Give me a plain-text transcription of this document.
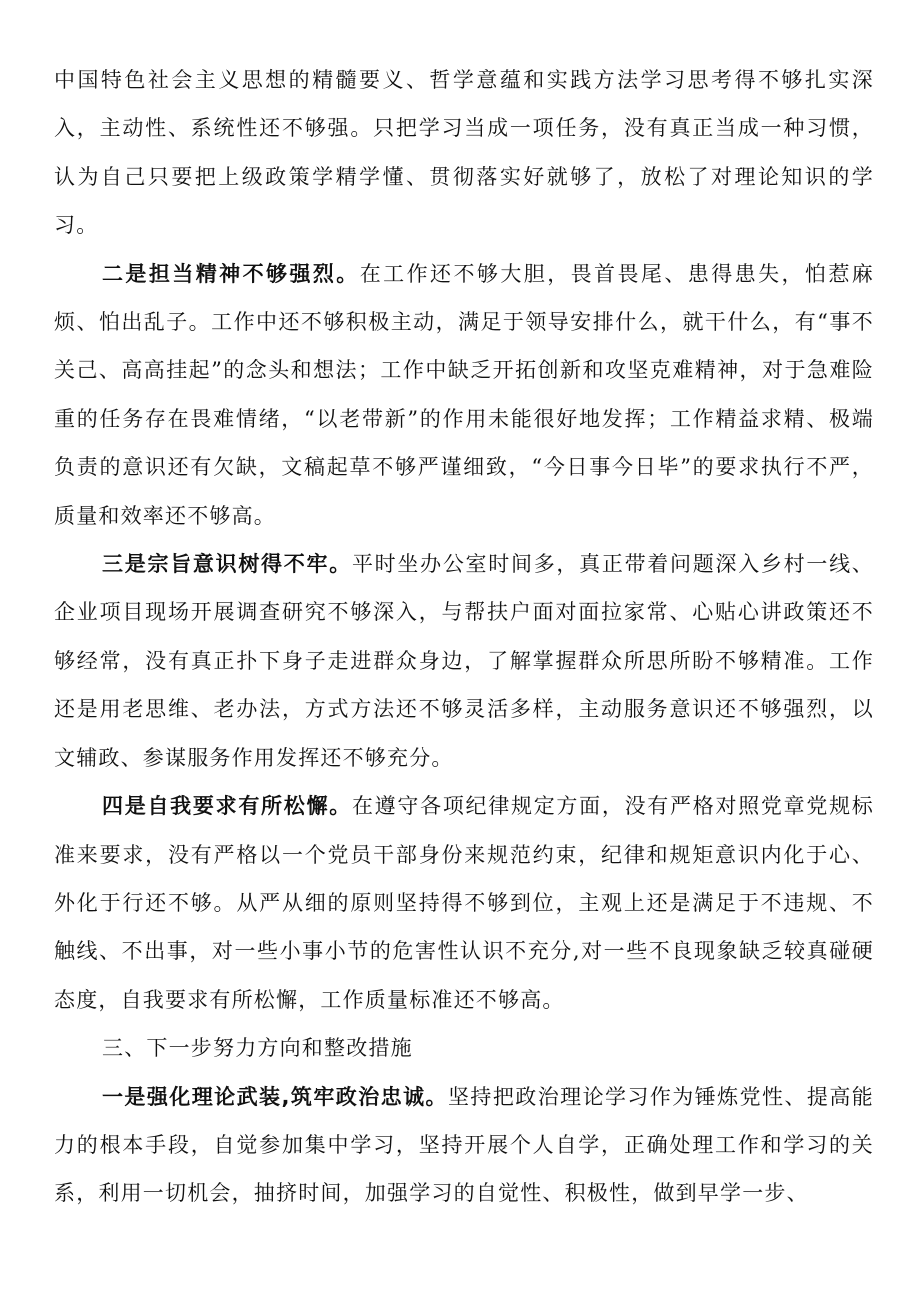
中国特色社会主义思想的精髓要义、哲学意蕴和实践方法学习思考得不够扎实深入，主动性、系统性还不够强。只把学习当成一项任务，没有真正当成一种习惯，认为自己只要把上级政策学精学懂、贯彻落实好就够了，放松了对理论知识的学习。

二是担当精神不够强烈。在工作还不够大胆，畏首畏尾、患得患失，怕惹麻烦、怕出乱子。工作中还不够积极主动，满足于领导安排什么，就干什么，有“事不关己、高高挂起”的念头和想法；工作中缺乏开拓创新和攻坚克难精神，对于急难险重的任务存在畏难情绪，“以老带新”的作用未能很好地发挥；工作精益求精、极端负责的意识还有欠缺，文稿起草不够严谨细致，“今日事今日毕”的要求执行不严，质量和效率还不够高。

三是宗旨意识树得不牢。平时坐办公室时间多，真正带着问题深入乡村一线、企业项目现场开展调查研究不够深入，与帮扶户面对面拉家常、心贴心讲政策还不够经常，没有真正扑下身子走进群众身边，了解掌握群众所思所盼不够精准。工作还是用老思维、老办法，方式方法还不够灵活多样，主动服务意识还不够强烈，以文辅政、参谋服务作用发挥还不够充分。

四是自我要求有所松懈。在遵守各项纪律规定方面，没有严格对照党章党规标准来要求，没有严格以一个党员干部身份来规范约束，纪律和规矩意识内化于心、外化于行还不够。从严从细的原则坚持得不够到位，主观上还是满足于不违规、不触线、不出事，对一些小事小节的危害性认识不充分,对一些不良现象缺乏较真碰硬态度，自我要求有所松懈，工作质量标准还不够高。

三、下一步努力方向和整改措施

一是强化理论武装,筑牢政治忠诚。坚持把政治理论学习作为锤炼党性、提高能力的根本手段，自觉参加集中学习，坚持开展个人自学，正确处理工作和学习的关系，利用一切机会，抽挤时间，加强学习的自觉性、积极性，做到早学一步、
